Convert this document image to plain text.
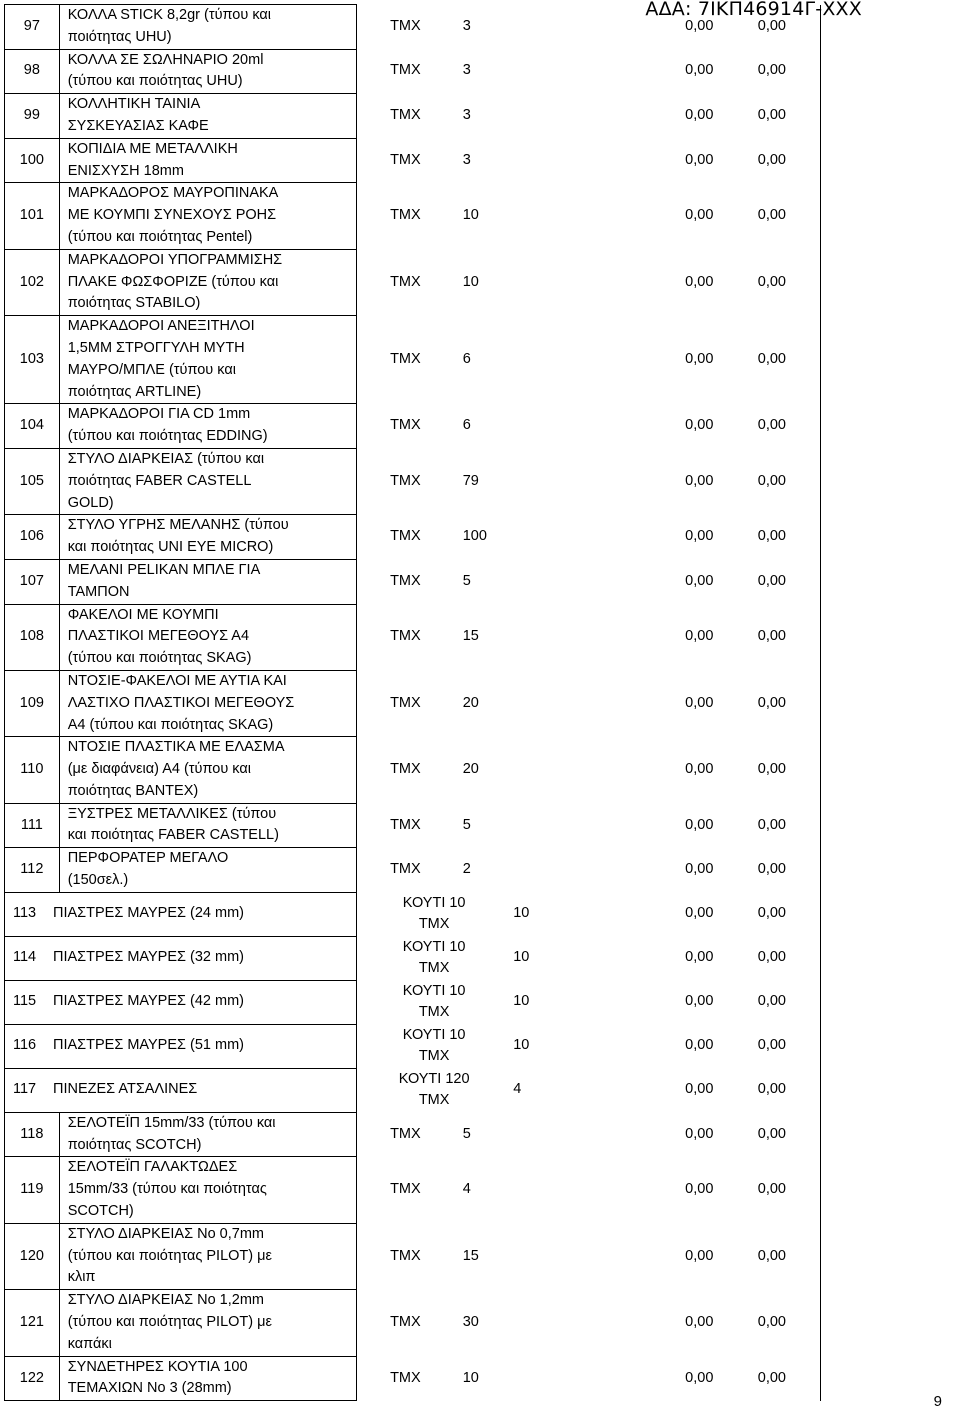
ΑΔΑ: 7ΙΚΠ46914Γ-ΧΧΧ
97	ΚΟΛΛΑ STICK 8,2gr (τύπου και
ποιότητας UHU)	ΤΜΧ 3		0,00	0,00
98	ΚΟΛΛΑ ΣΕ ΣΩΛΗΝΑΡΙΟ 20ml
(τύπου και ποιότητας UHU)	ΤΜΧ 3		0,00	0,00
99	ΚΟΛΛΗΤΙΚΗ ΤΑΙΝΙΑ
ΣΥΣΚΕΥΑΣΙΑΣ ΚΑΦΕ	ΤΜΧ 3		0,00	0,00
100	ΚΟΠΙΔΙΑ ΜΕ ΜΕΤΑΛΛΙΚΗ
ΕΝΙΣΧΥΣΗ 18mm	ΤΜΧ 3		0,00	0,00
101	ΜΑΡΚΑΔΟΡΟΣ ΜΑΥΡΟΠΙΝΑΚΑ
ΜΕ ΚΟΥΜΠΙ ΣΥΝΕΧΟΥΣ ΡΟΗΣ
(τύπου και ποιότητας Pentel)	ΤΜΧ 10		0,00	0,00
102	ΜΑΡΚΑΔΟΡΟΙ ΥΠΟΓΡΑΜΜΙΣΗΣ
ΠΛΑΚΕ ΦΩΣΦΟΡΙΖΕ (τύπου και
ποιότητας STABILO)	ΤΜΧ 10		0,00	0,00
103	ΜΑΡΚΑΔΟΡΟΙ ΑΝΕΞΙΤΗΛΟΙ
1,5MM ΣΤΡΟΓΓΥΛΗ ΜΥΤΗ
ΜΑΥΡΟ/ΜΠΛΕ (τύπου και
ποιότητας ARTLINE)	ΤΜΧ 6		0,00	0,00
104	ΜΑΡΚΑΔΟΡΟΙ ΓΙΑ CD 1mm
(τύπου και ποιότητας EDDING)	ΤΜΧ 6		0,00	0,00
105	ΣΤΥΛΟ ΔΙΑΡΚΕΙΑΣ (τύπου και
ποιότητας FABER CASTELL
GOLD)	ΤΜΧ 79		0,00	0,00
106	ΣΤΥΛΟ ΥΓΡΗΣ ΜΕΛΑΝΗΣ (τύπου
και ποιότητας UNI EYE MICRO)	ΤΜΧ 100		0,00	0,00
107	ΜΕΛΑΝΙ PELIKAN ΜΠΛΕ ΓΙΑ
ΤΑΜΠΟΝ	ΤΜΧ 5		0,00	0,00
108	ΦΑΚΕΛΟΙ ΜΕ ΚΟΥΜΠΙ
ΠΛΑΣΤΙΚΟΙ ΜΕΓΕΘΟΥΣ Α4
(τύπου και ποιότητας SKAG)	ΤΜΧ 15		0,00	0,00
109	ΝΤΟΣΙΕ-ΦΑΚΕΛΟΙ ΜΕ ΑΥΤΙΑ ΚΑΙ
ΛΑΣΤΙΧΟ ΠΛΑΣΤΙΚΟΙ ΜΕΓΕΘΟΥΣ
Α4 (τύπου και ποιότητας SKAG)	ΤΜΧ 20		0,00	0,00
110	ΝΤΟΣΙΕ ΠΛΑΣΤΙΚΑ ΜΕ ΕΛΑΣΜΑ
(με διαφάνεια) Α4 (τύπου και
ποιότητας ΒΑΝΤΕΧ)	ΤΜΧ 20		0,00	0,00
111	ΞΥΣΤΡΕΣ ΜΕΤΑΛΛΙΚΕΣ (τύπου
και ποιότητας FABER CASTELL)	ΤΜΧ 5		0,00	0,00
112	ΠΕΡΦΟΡΑΤΕΡ ΜΕΓΑΛΟ
(150σελ.)	ΤΜΧ 2		0,00	0,00
113 ΠΙΑΣΤΡΕΣ ΜΑΥΡΕΣ (24 mm)		ΚΟΥΤΙ 10
ΤΜΧ	10	0,00	0,00
114 ΠΙΑΣΤΡΕΣ ΜΑΥΡΕΣ (32 mm)		ΚΟΥΤΙ 10
ΤΜΧ	10	0,00	0,00
115 ΠΙΑΣΤΡΕΣ ΜΑΥΡΕΣ (42 mm)		ΚΟΥΤΙ 10
ΤΜΧ	10	0,00	0,00
116 ΠΙΑΣΤΡΕΣ ΜΑΥΡΕΣ (51 mm)		ΚΟΥΤΙ 10
ΤΜΧ	10	0,00	0,00
117 ΠΙΝΕΖΕΣ ΑΤΣΑΛΙΝΕΣ		ΚΟΥΤΙ 120
ΤΜΧ	4	0,00	0,00
118	ΣΕΛΟΤΕΪΠ 15mm/33 (τύπου και
ποιότητας SCOTCH)	ΤΜΧ 5		0,00	0,00
119	ΣΕΛΟΤΕΪΠ ΓΑΛΑΚΤΩΔΕΣ
15mm/33 (τύπου και ποιότητας
SCOTCH)	ΤΜΧ 4		0,00	0,00
120	ΣΤΥΛΟ ΔΙΑΡΚΕΙΑΣ Νο 0,7mm
(τύπου και ποιότητας PILOT) με
κλιπ	ΤΜΧ 15		0,00	0,00
121	ΣΤΥΛΟ ΔΙΑΡΚΕΙΑΣ Νο 1,2mm
(τύπου και ποιότητας PILOT) με
καπάκι	ΤΜΧ 30		0,00	0,00
122	ΣΥΝΔΕΤΗΡΕΣ ΚΟΥΤΙΑ 100
ΤΕΜΑΧΙΩΝ Νο 3 (28mm)	ΤΜΧ 10		0,00	0,00
9
